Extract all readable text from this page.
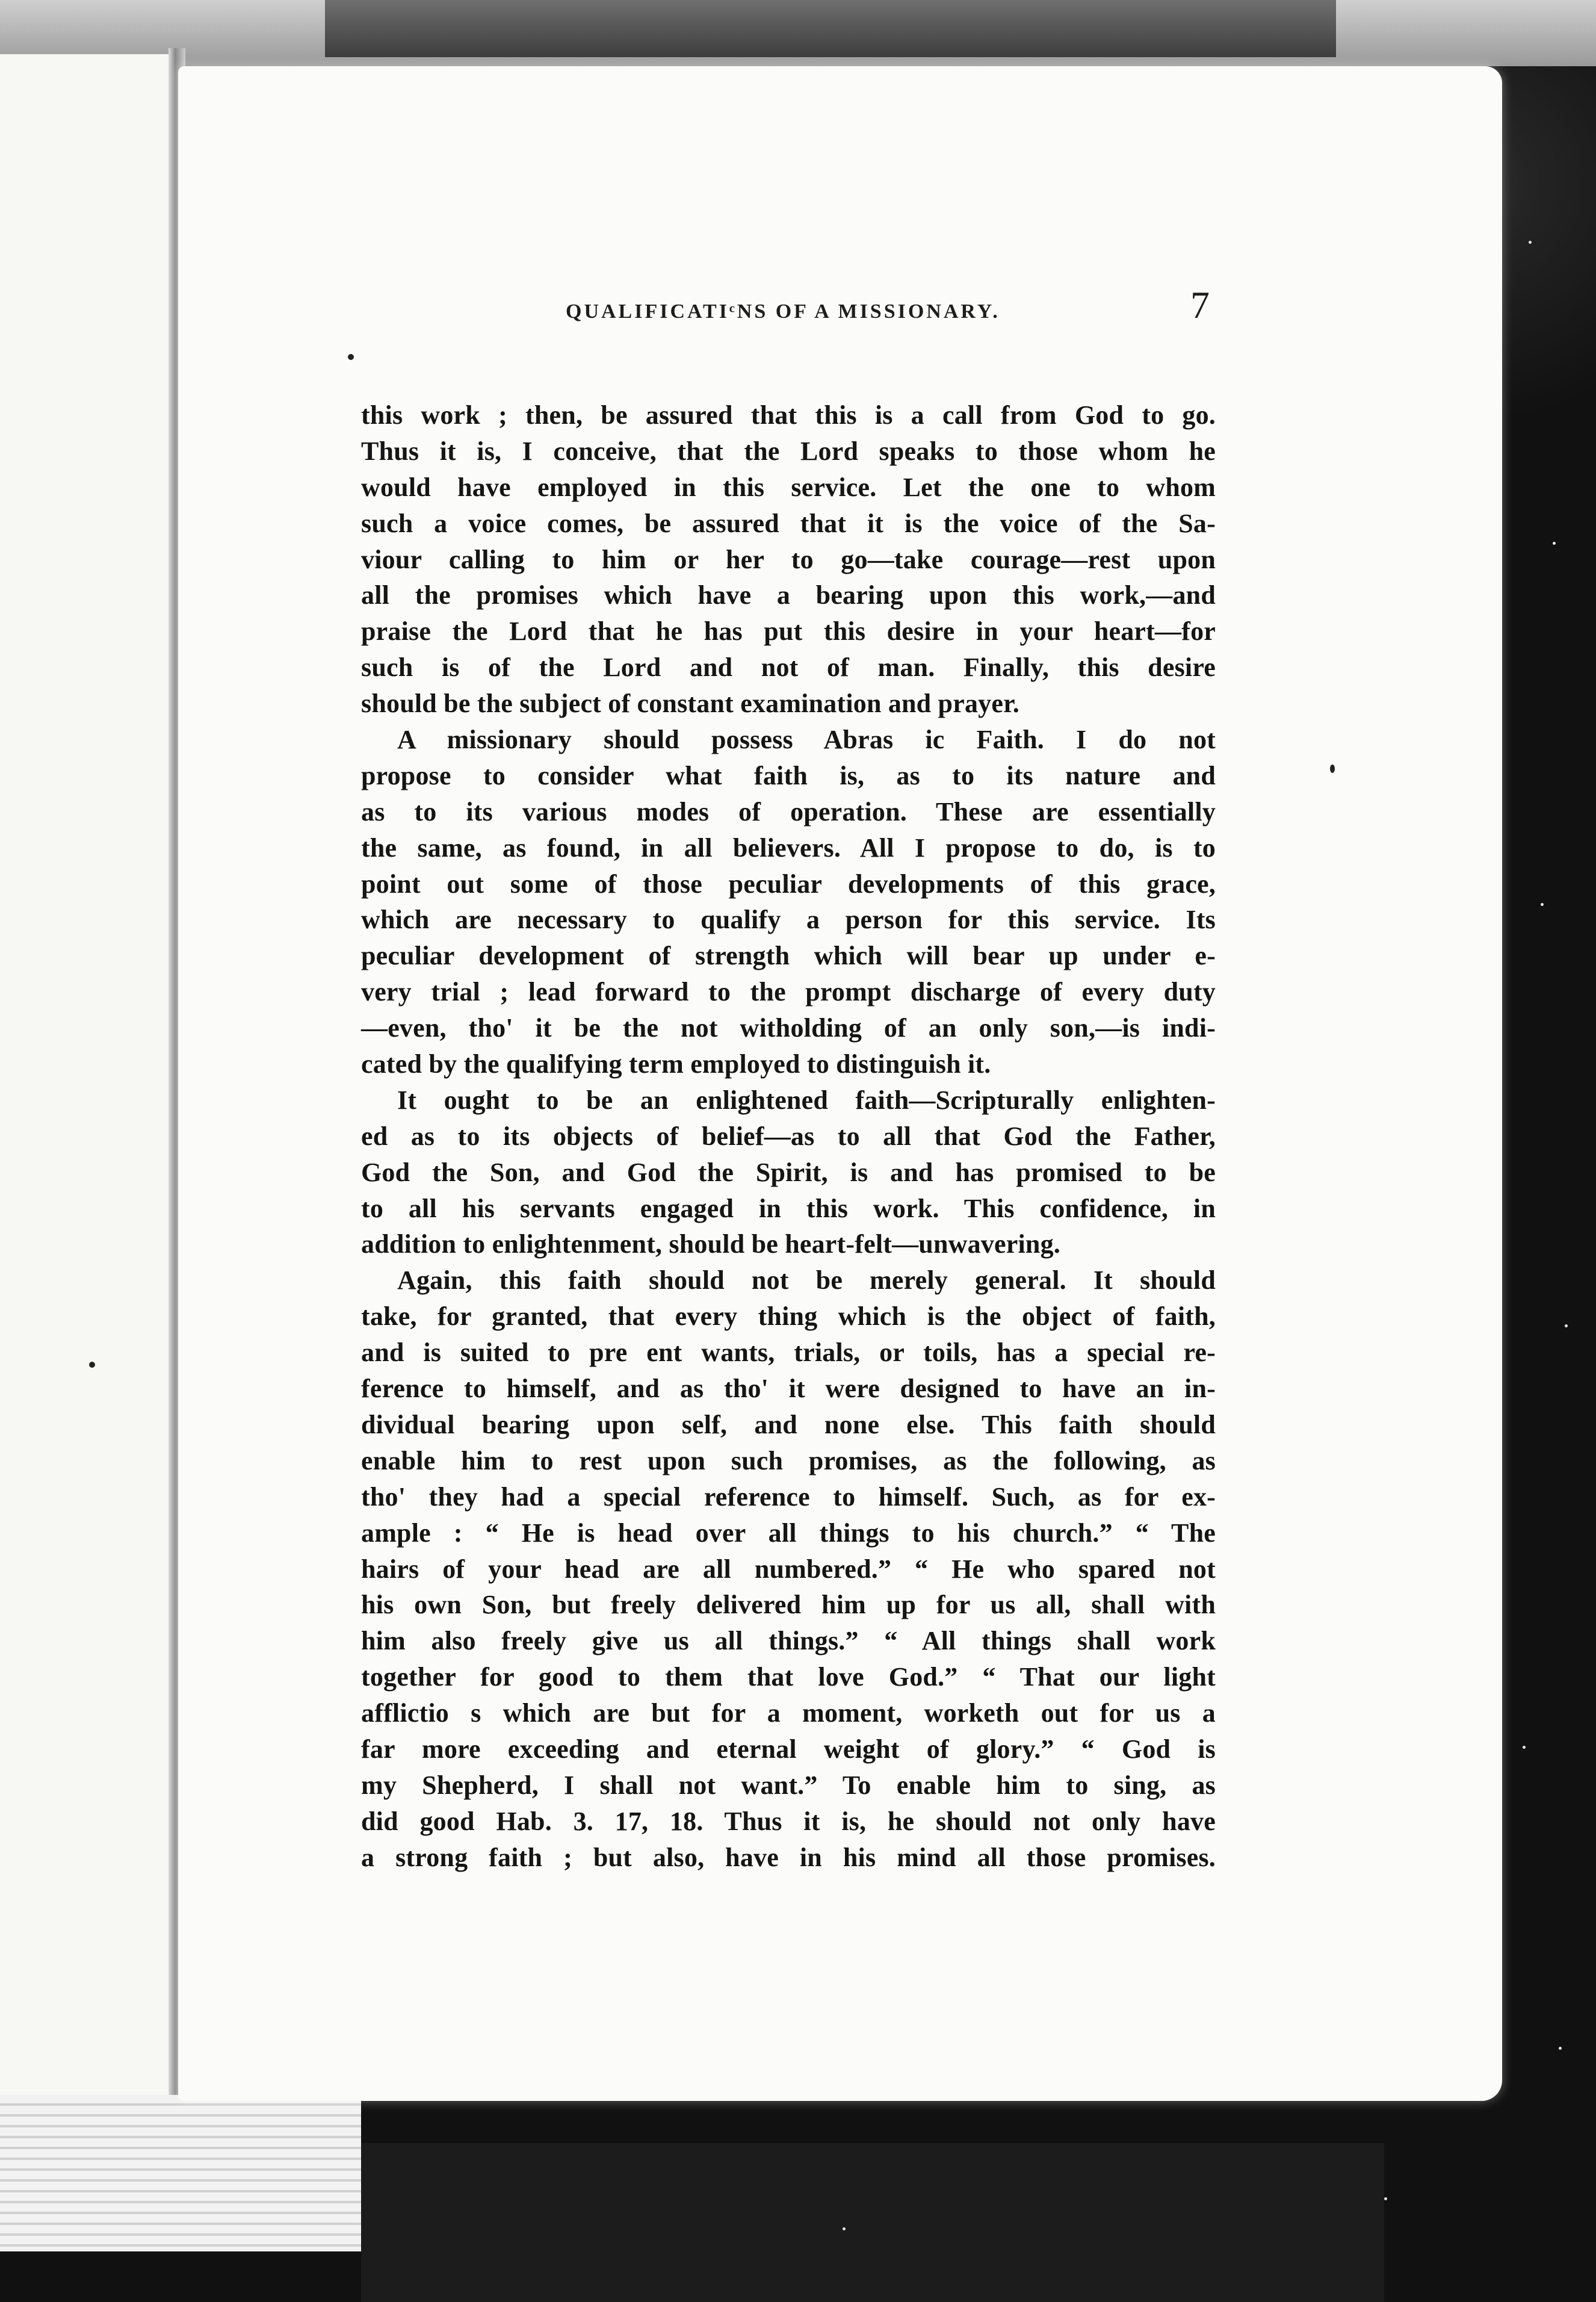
QUALIFICATIᶜNS OF A MISSIONARY.	7
this work ; then, be assured that this is a call from God to go.
Thus it is, I conceive, that the Lord speaks to those whom he
would have employed in this service. Let the one to whom
such a voice comes, be assured that it is the voice of the Sa-
viour calling to him or her to go—take courage—rest upon
all the promises which have a bearing upon this work,—and
praise the Lord that he has put this desire in your heart—for
such is of the Lord and not of man. Finally, this desire
should be the subject of constant examination and prayer.
A missionary should possess Abras ic Faith. I do not
propose to consider what faith is, as to its nature and
as to its various modes of operation. These are essentially
the same, as found, in all believers. All I propose to do, is to
point out some of those peculiar developments of this grace,
which are necessary to qualify a person for this service. Its
peculiar development of strength which will bear up under e-
very trial ; lead forward to the prompt discharge of every duty
—even, tho' it be the not witholding of an only son,—is indi-
cated by the qualifying term employed to distinguish it.
It ought to be an enlightened faith—Scripturally enlighten-
ed as to its objects of belief—as to all that God the Father,
God the Son, and God the Spirit, is and has promised to be
to all his servants engaged in this work. This confidence, in
addition to enlightenment, should be heart-felt—unwavering.
Again, this faith should not be merely general. It should
take, for granted, that every thing which is the object of faith,
and is suited to pre ent wants, trials, or toils, has a special re-
ference to himself, and as tho' it were designed to have an in-
dividual bearing upon self, and none else. This faith should
enable him to rest upon such promises, as the following, as
tho' they had a special reference to himself. Such, as for ex-
ample : “ He is head over all things to his church.” “ The
hairs of your head are all numbered.” “ He who spared not
his own Son, but freely delivered him up for us all, shall with
him also freely give us all things.” “ All things shall work
together for good to them that love God.” “ That our light
afflictio s which are but for a moment, worketh out for us a
far more exceeding and eternal weight of glory.” “ God is
my Shepherd, I shall not want.” To enable him to sing, as
did good Hab. 3. 17, 18. Thus it is, he should not only have
a strong faith ; but also, have in his mind all those promises.
